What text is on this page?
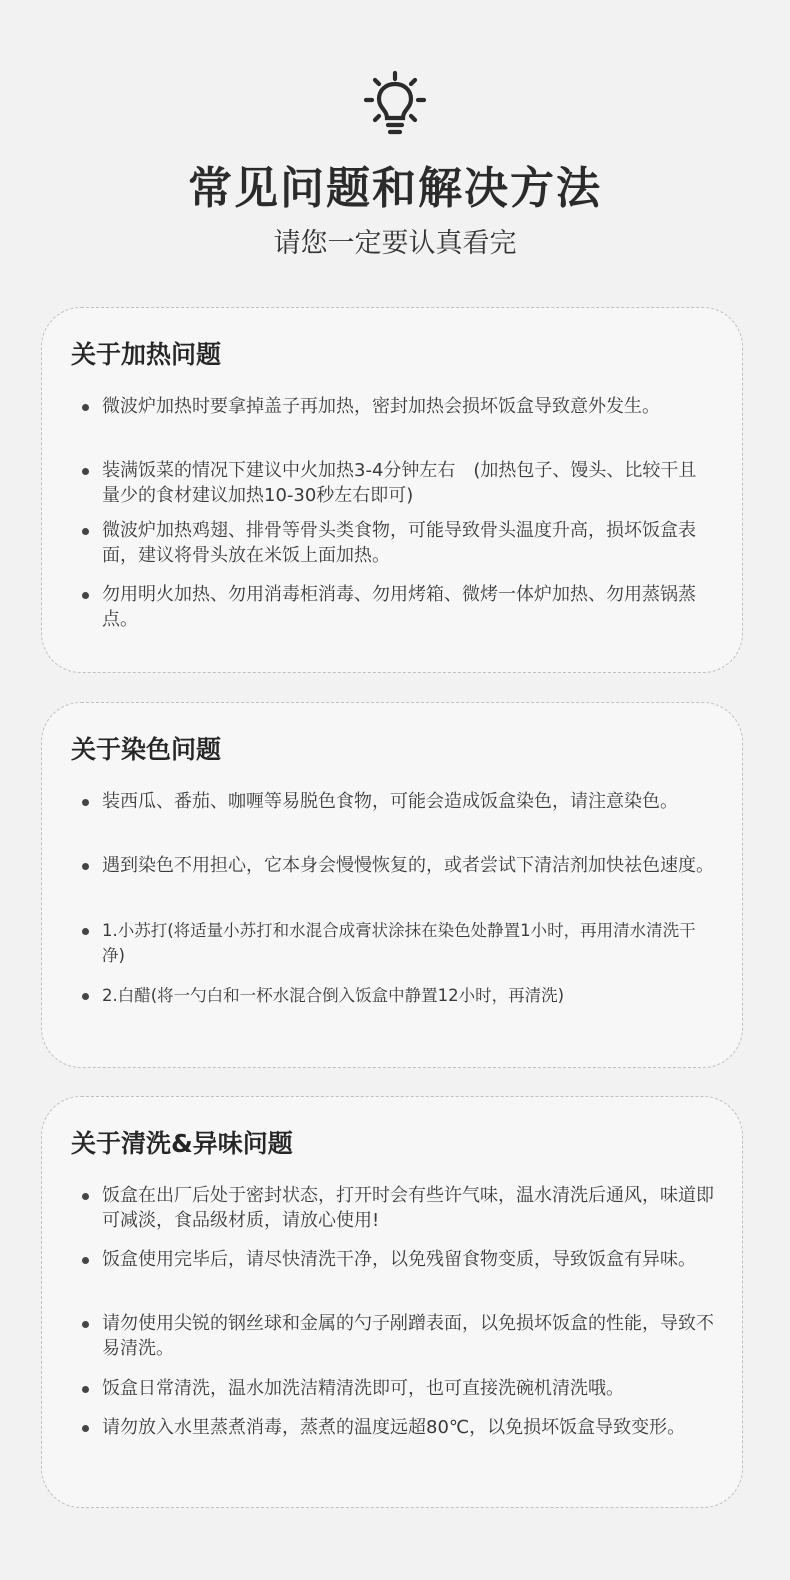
常见问题和解决方法
请您一定要认真看完
关于加热问题
微波炉加热时要拿掉盖子再加热，密封加热会损坏饭盒导致意外发生。
装满饭菜的情况下建议中火加热3-4分钟左右　(加热包子、馒头、比较干且量少的食材建议加热10-30秒左右即可)
微波炉加热鸡翅、排骨等骨头类食物，可能导致骨头温度升高，损坏饭盒表面，建议将骨头放在米饭上面加热。
勿用明火加热、勿用消毒柜消毒、勿用烤箱、微烤一体炉加热、勿用蒸锅蒸点。
关于染色问题
装西瓜、番茄、咖喱等易脱色食物，可能会造成饭盒染色，请注意染色。
遇到染色不用担心，它本身会慢慢恢复的，或者尝试下清洁剂加快祛色速度。
1.小苏打(将适量小苏打和水混合成膏状涂抹在染色处静置1小时，再用清水清洗干净)
2.白醋(将一勺白和一杯水混合倒入饭盒中静置12小时，再清洗)
关于清洗&异味问题
饭盒在出厂后处于密封状态，打开时会有些许气味，温水清洗后通风，味道即可减淡，食品级材质，请放心使用!
饭盒使用完毕后，请尽快清洗干净，以免残留食物变质，导致饭盒有异味。
请勿使用尖锐的钢丝球和金属的勺子剐蹭表面，以免损坏饭盒的性能，导致不易清洗。
饭盒日常清洗，温水加洗洁精清洗即可，也可直接洗碗机清洗哦。
请勿放入水里蒸煮消毒，蒸煮的温度远超80℃，以免损坏饭盒导致变形。
